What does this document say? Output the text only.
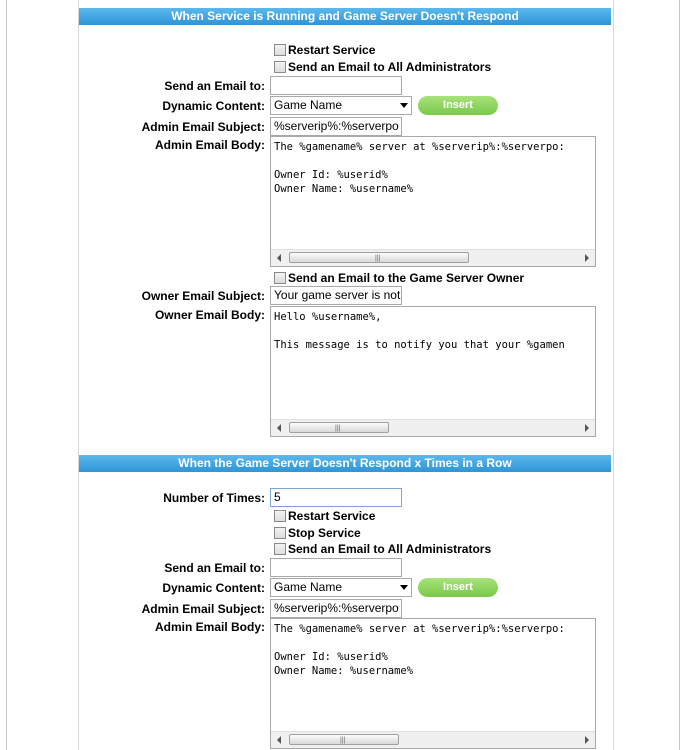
When Service is Running and Game Server Doesn't Respond
Restart Service
Send an Email to All Administrators
Send an Email to:
Dynamic Content: Game Name	Insert
Admin Email Subject: %serverip%:%serverpo
Admin Email Body: The %gamename% server at %serverip%:%serverpo:

Owner Id: %userid%
Owner Name: %username%
|||
Send an Email to the Game Server Owner
Owner Email Subject: Your game server is not
Owner Email Body: Hello %username%,

This message is to notify you that your %gamen
|||
When the Game Server Doesn't Respond x Times in a Row
Number of Times: 5
Restart Service
Stop Service
Send an Email to All Administrators
Send an Email to:
Dynamic Content: Game Name	Insert
Admin Email Subject: %serverip%:%serverpo
Admin Email Body: The %gamename% server at %serverip%:%serverpo:

Owner Id: %userid%
Owner Name: %username%
|||
